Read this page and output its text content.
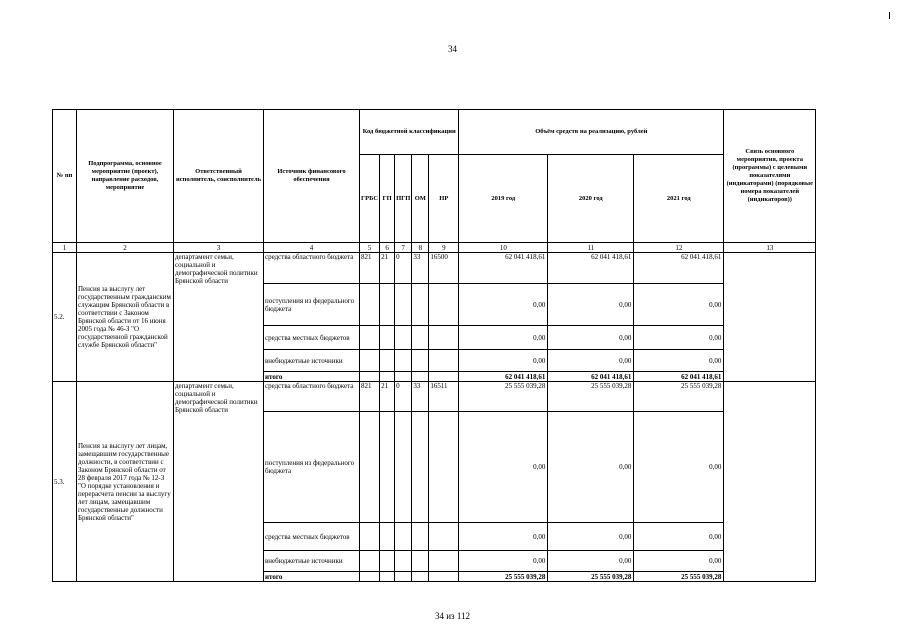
34
№ пп	Подпрограмма, основное мероприятие (проект), направление расходов, мероприятие	Ответственный исполнитель, соисполнитель	Источник финансового обеспечения	Код бюджетной классификации					Объём средств на реализацию, рублей			Связь основного мероприятия, проекта (программы) с целевыми показателями (индикаторами) (порядковые номера показателей (индикаторов))
				ГРБС	ГП	ПГП	ОМ	НР	2019 год	2020 год	2021 год	
1	2	3	4	5	6	7	8	9	10	11	12	13
5.2.	Пенсия за выслугу лет государственным гражданским служащим Брянской области в соответствии с Законом Брянской области от 16 июня 2005 года № 46-З "О государственной гражданской службе Брянской области"	департамент семьи, социальной и демографической политики Брянской области	средства областного бюджета	821	21	0	33	16500	62 041 418,61	62 041 418,61	62 041 418,61	
			поступления из федерального бюджета						0,00	0,00	0,00	
			средства местных бюджетов						0,00	0,00	0,00	
			внебюджетные источники						0,00	0,00	0,00	
			итого						62 041 418,61	62 041 418,61	62 041 418,61	
5.3.	Пенсия за выслугу лет лицам, замещавшим государственные должности, в соответствии с Законом Брянской области от 28 февраля 2017 года № 12-З "О порядке установления и перерасчета пенсии за выслугу лет лицам, замещавшим государственные должности Брянской области"	департамент семьи, социальной и демографической политики Брянской области	средства областного бюджета	821	21	0	33	16511	25 555 039,28	25 555 039,28	25 555 039,28	
			поступления из федерального бюджета						0,00	0,00	0,00	
			средства местных бюджетов						0,00	0,00	0,00	
			внебюджетные источники						0,00	0,00	0,00	
			итого						25 555 039,28	25 555 039,28	25 555 039,28	
34 из 112
